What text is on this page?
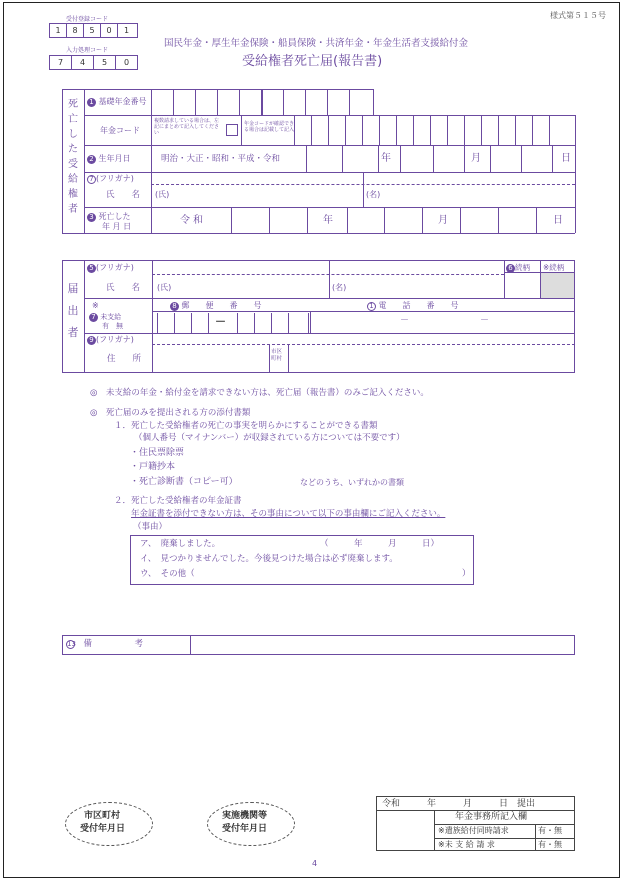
様式第５１５号
受付登録コード
1	8	5	0	1
入力処理コード
7	4	5	0
国民年金・厚生年金保険・船員保険・共済年金・年金生活者支援給付金
受給権者死亡届(報告書)
死
亡
し
た
受
給
権
者
1 基礎年金番号
年金コード
複数請求している場合は、左記にまとめて記入してください
年金コードが確認できる場合は記載して記入
2 生年月日	明治・大正・昭和・平成・令和	年	月	日
7 (フリガナ)
氏　　名 (氏)	(名)
3 死亡した
年 月 日
令和	年	月	日
届
出
者
5 (フリガナ)
氏　　名 (氏)	(名)
6 続柄 ※続柄
※
7 未支給
有　無
8 郵　　便　　番　　号
－
1 電　　話　　番　　号
－	－
9 (フリガナ)
住　　所
市区町村
◎　未支給の年金・給付金を請求できない方は、死亡届（報告書）のみご記入ください。
◎　死亡届のみを提出される方の添付書類
１．死亡した受給権者の死亡の事実を明らかにすることができる書類
（個人番号（マイナンバー）が収録されている方については不要です）
・住民票除票
・戸籍抄本
・死亡診断書（コピー可）	などのうち、いずれかの書類
２．死亡した受給権者の年金証書
年金証書を添付できない方は、その事由について以下の事由欄にご記入ください。
（事由）
ア、　廃棄しました。	（　　　年　　　月　　　日）
イ、　見つかりませんでした。今後見つけた場合は必ず廃棄します。
ウ、　その他（	）
13　 備　　　　　考
市区町村
受付年月日
実施機関等
受付年月日
令和　　　年　　　月　　　日　提出
年金事務所記入欄
※遺族給付同時請求	有・無
※未 支 給 請 求	有・無
4
